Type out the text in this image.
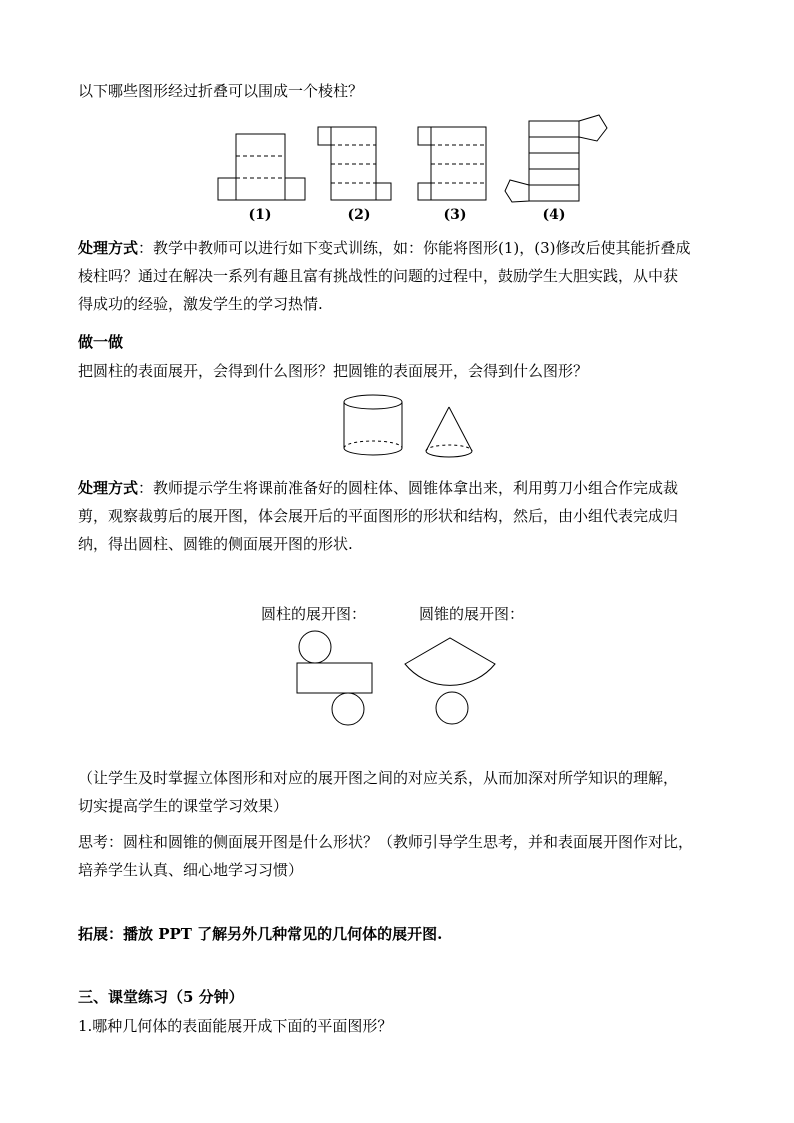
以下哪些图形经过折叠可以围成一个棱柱？

(1)	(2)	(3)	(4)

处理方式：教学中教师可以进行如下变式训练，如：你能将图形(1)，(3)修改后使其能折叠成
棱柱吗？通过在解决一系列有趣且富有挑战性的问题的过程中，鼓励学生大胆实践，从中获
得成功的经验，激发学生的学习热情.

做一做

把圆柱的表面展开，会得到什么图形？把圆锥的表面展开，会得到什么图形？

处理方式：教师提示学生将课前准备好的圆柱体、圆锥体拿出来，利用剪刀小组合作完成裁
剪，观察裁剪后的展开图，体会展开后的平面图形的形状和结构，然后，由小组代表完成归
纳，得出圆柱、圆锥的侧面展开图的形状.

圆柱的展开图：	圆锥的展开图：

（让学生及时掌握立体图形和对应的展开图之间的对应关系，从而加深对所学知识的理解，
切实提高学生的课堂学习效果）

思考：圆柱和圆锥的侧面展开图是什么形状？（教师引导学生思考，并和表面展开图作对比，
培养学生认真、细心地学习习惯）

拓展：播放 PPT 了解另外几种常见的几何体的展开图.

三、课堂练习（5 分钟）

1.哪种几何体的表面能展开成下面的平面图形？
